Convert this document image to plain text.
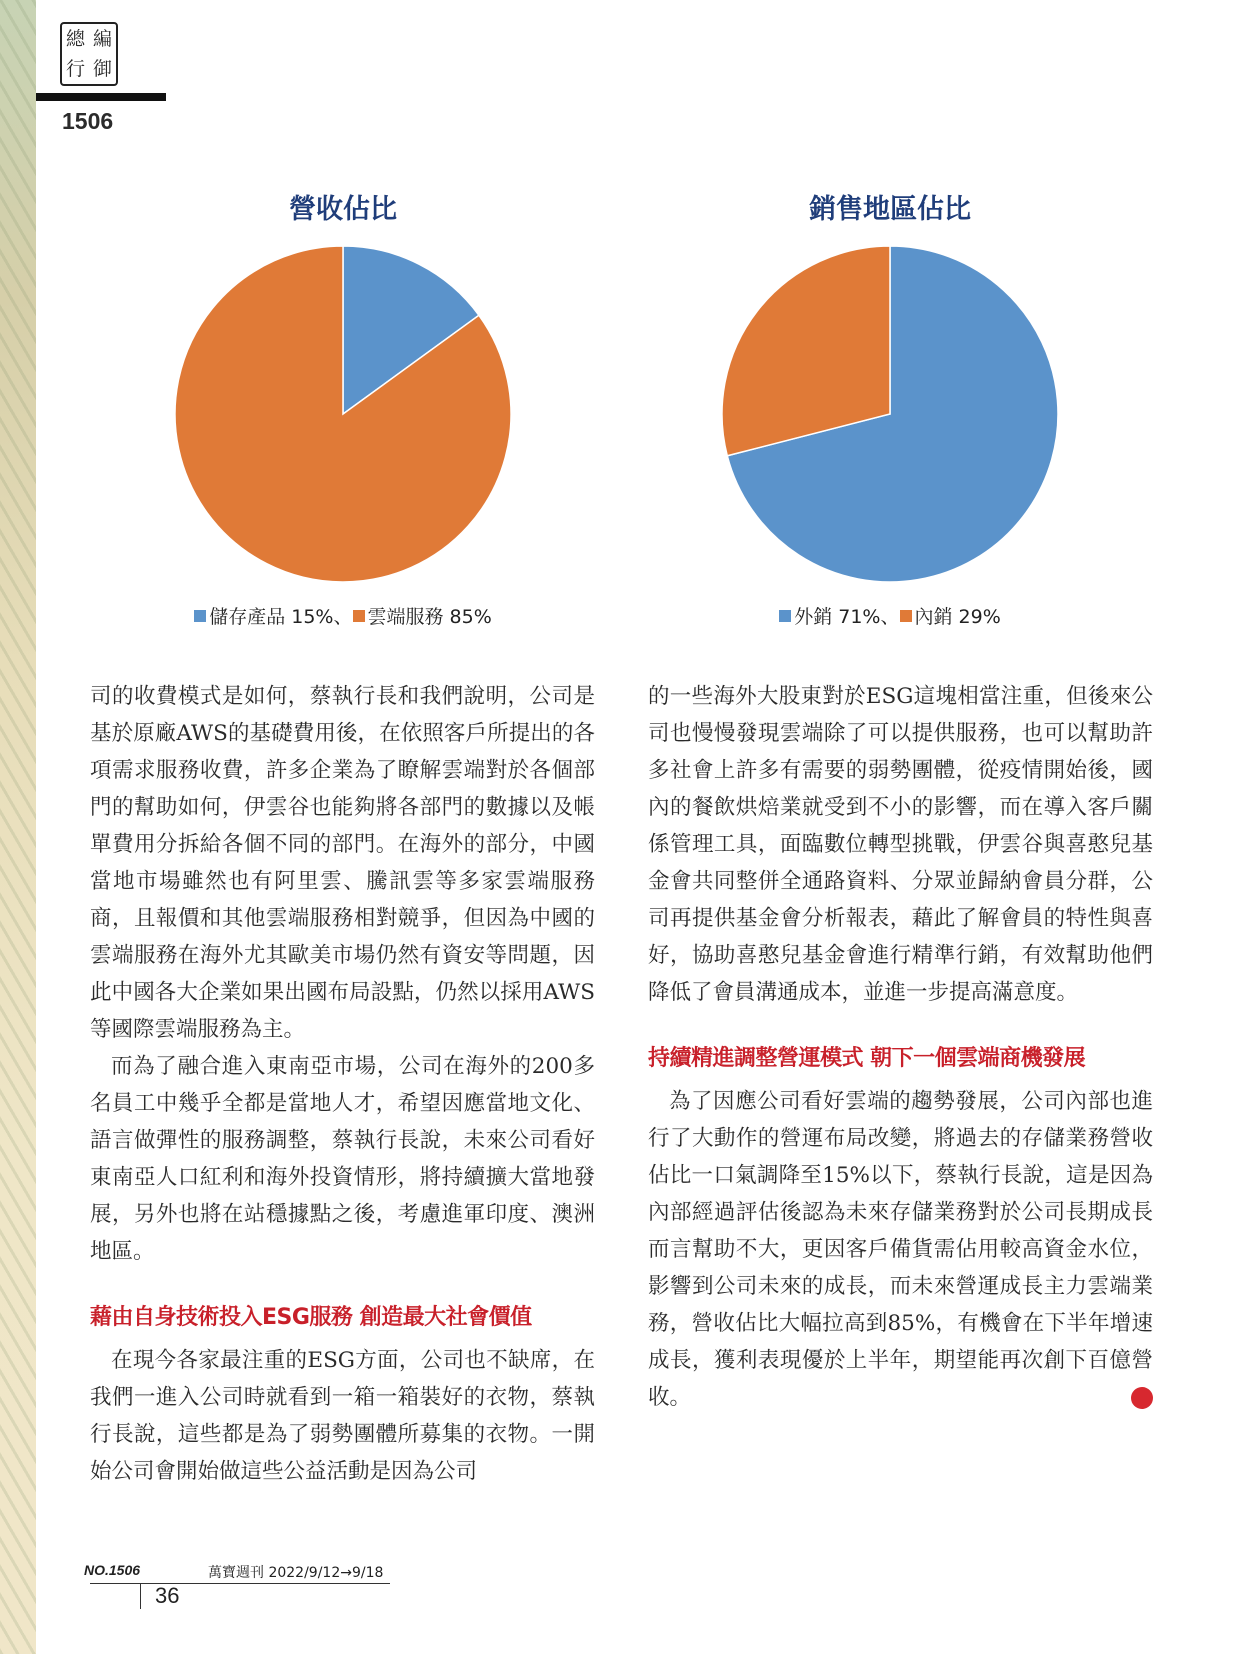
總 編
行 御
1506
營收佔比
儲存產品 15%、 雲端服務 85%
銷售地區佔比
外銷 71%、 內銷 29%

司的收費模式是如何，蔡執行長和我們說明，公司是基於原廠AWS的基礎費用後，在依照客戶所提出的各項需求服務收費，許多企業為了瞭解雲端對於各個部門的幫助如何，伊雲谷也能夠將各部門的數據以及帳單費用分拆給各個不同的部門。在海外的部分，中國當地市場雖然也有阿里雲、騰訊雲等多家雲端服務商，且報價和其他雲端服務相對競爭，但因為中國的雲端服務在海外尤其歐美市場仍然有資安等問題，因此中國各大企業如果出國布局設點，仍然以採用AWS等國際雲端服務為主。

而為了融合進入東南亞市場，公司在海外的200多名員工中幾乎全都是當地人才，希望因應當地文化、語言做彈性的服務調整，蔡執行長說，未來公司看好東南亞人口紅利和海外投資情形，將持續擴大當地發展，另外也將在站穩據點之後，考慮進軍印度、澳洲地區。

藉由自身技術投入ESG服務 創造最大社會價值

在現今各家最注重的ESG方面，公司也不缺席，在我們一進入公司時就看到一箱一箱裝好的衣物，蔡執行長說，這些都是為了弱勢團體所募集的衣物。一開始公司會開始做這些公益活動是因為公司

的一些海外大股東對於ESG這塊相當注重，但後來公司也慢慢發現雲端除了可以提供服務，也可以幫助許多社會上許多有需要的弱勢團體，從疫情開始後，國內的餐飲烘焙業就受到不小的影響，而在導入客戶關係管理工具，面臨數位轉型挑戰，伊雲谷與喜憨兒基金會共同整併全通路資料、分眾並歸納會員分群，公司再提供基金會分析報表，藉此了解會員的特性與喜好，協助喜憨兒基金會進行精準行銷，有效幫助他們降低了會員溝通成本，並進一步提高滿意度。

持續精進調整營運模式 朝下一個雲端商機發展

為了因應公司看好雲端的趨勢發展，公司內部也進行了大動作的營運布局改變，將過去的存儲業務營收佔比一口氣調降至15%以下，蔡執行長說，這是因為內部經過評估後認為未來存儲業務對於公司長期成長而言幫助不大，更因客戶備貨需佔用較高資金水位，影響到公司未來的成長，而未來營運成長主力雲端業務，營收佔比大幅拉高到85%，有機會在下半年增速成長，獲利表現優於上半年，期望能再次創下百億營收。

NO.1506	萬寶週刊 2022/9/12→9/18
36
